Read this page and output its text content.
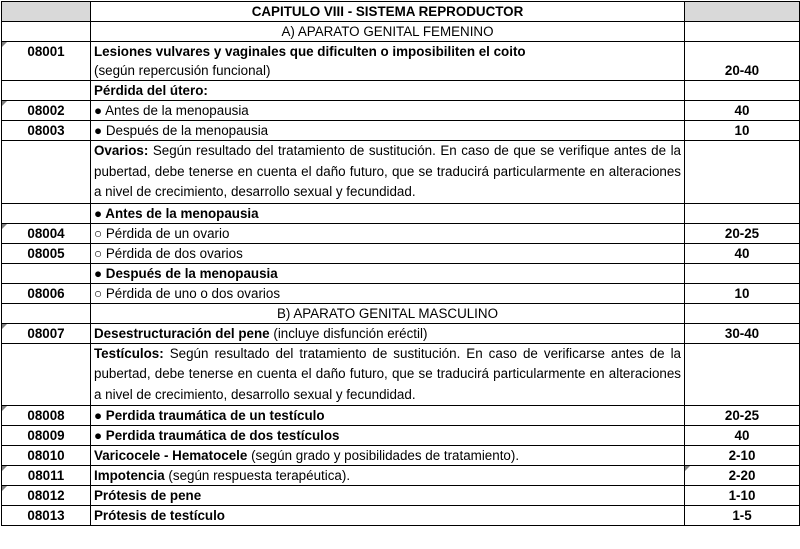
	CAPITULO VIII - SISTEMA REPRODUCTOR	
	A) APARATO GENITAL FEMENINO	
08001	Lesiones vulvares y vaginales que dificulten o imposibiliten el coito	20-40
	(según repercusión funcional)	
	Pérdida del útero:	
08002	● Antes de la menopausia	40
08003	● Después de la menopausia	10
	Ovarios: Según resultado del tratamiento de sustitución. En caso de que se verifique antes de la pubertad, debe tenerse en cuenta el daño futuro, que se traducirá particularmente en alteraciones a nivel de crecimiento, desarrollo sexual y fecundidad.	
	● Antes de la menopausia	
08004	○ Pérdida de un ovario	20-25
08005	○ Pérdida de dos ovarios	40
	● Después de la menopausia	
08006	○ Pérdida de uno o dos ovarios	10
	B) APARATO GENITAL MASCULINO	
08007	Desestructuración del pene (incluye disfunción eréctil)	30-40
	Testículos: Según resultado del tratamiento de sustitución. En caso de verificarse antes de la pubertad, debe tenerse en cuenta el daño futuro, que se traducirá particularmente en alteraciones a nivel de crecimiento, desarrollo sexual y fecundidad.	
08008	● Perdida traumática de un testículo	20-25
08009	● Perdida traumática de dos testículos	40
08010	Varicocele - Hematocele (según grado y posibilidades de tratamiento).	2-10
08011	Impotencia (según respuesta terapéutica).	2-20
08012	Prótesis de pene	1-10
08013	Prótesis de testículo	1-5
